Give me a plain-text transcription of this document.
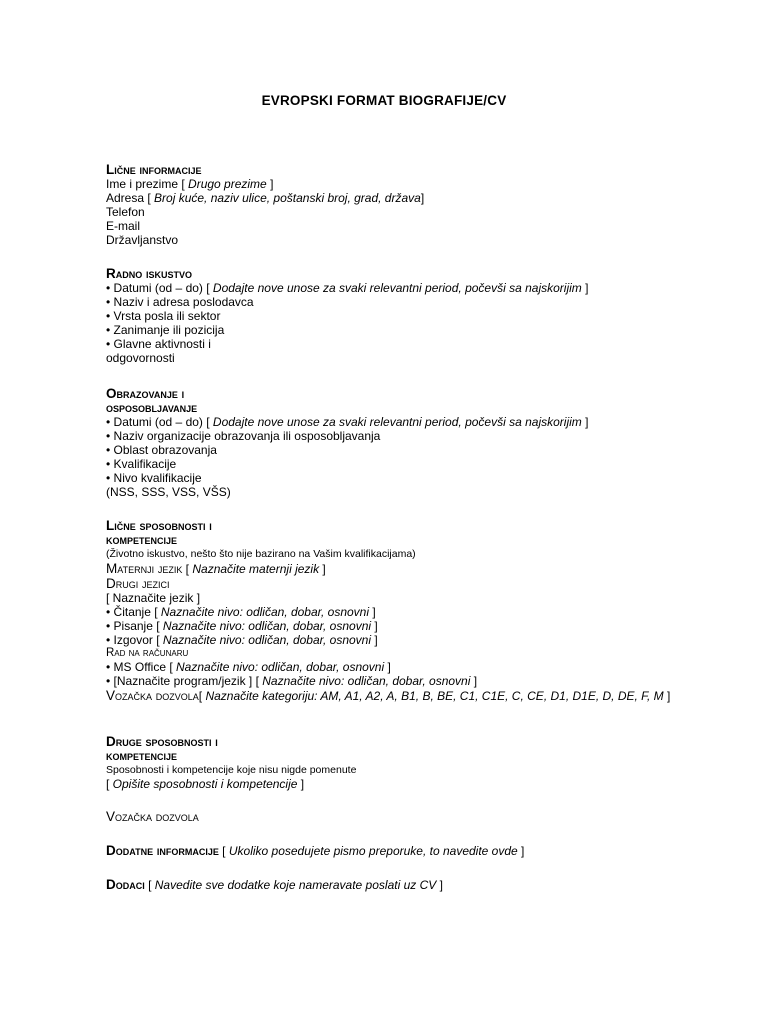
EVROPSKI FORMAT BIOGRAFIJE/CV
Lične informacije
Ime i prezime [ Drugo prezime ]
Adresa [ Broj kuće, naziv ulice, poštanski broj, grad, država]
Telefon
E-mail
Državljanstvo
Radno iskustvo
• Datumi (od – do) [ Dodajte nove unose za svaki relevantni period, počevši sa najskorijim ]
• Naziv i adresa poslodavca
• Vrsta posla ili sektor
• Zanimanje ili pozicija
• Glavne aktivnosti i
odgovornosti
Obrazovanje i
osposobljavanje
• Datumi (od – do) [ Dodajte nove unose za svaki relevantni period, počevši sa najskorijim ]
• Naziv organizacije obrazovanja ili osposobljavanja
• Oblast obrazovanja
• Kvalifikacije
• Nivo kvalifikacije
(NSS, SSS, VSS, VŠS)
Lične sposobnosti i
kompetencije
(Životno iskustvo, nešto što nije bazirano na Vašim kvalifikacijama)
Maternji jezik [ Naznačite maternji jezik ]
Drugi jezici
[ Naznačite jezik ]
• Čitanje [ Naznačite nivo: odličan, dobar, osnovni ]
• Pisanje [ Naznačite nivo: odličan, dobar, osnovni ]
• Izgovor [ Naznačite nivo: odličan, dobar, osnovni ]
Rad na računaru
• MS Office [ Naznačite nivo: odličan, dobar, osnovni ]
• [Naznačite program/jezik ] [ Naznačite nivo: odličan, dobar, osnovni ]
Vozačka dozvola[ Naznačite kategoriju: AM, A1, A2, A, B1, B, BE, C1, C1E, C, CE, D1, D1E, D, DE, F, M ]
Druge sposobnosti i
kompetencije
Sposobnosti i kompetencije koje nisu nigde pomenute
[ Opišite sposobnosti i kompetencije ]
Vozačka dozvola
Dodatne informacije [ Ukoliko posedujete pismo preporuke, to navedite ovde ]
Dodaci [ Navedite sve dodatke koje nameravate poslati uz CV ]
